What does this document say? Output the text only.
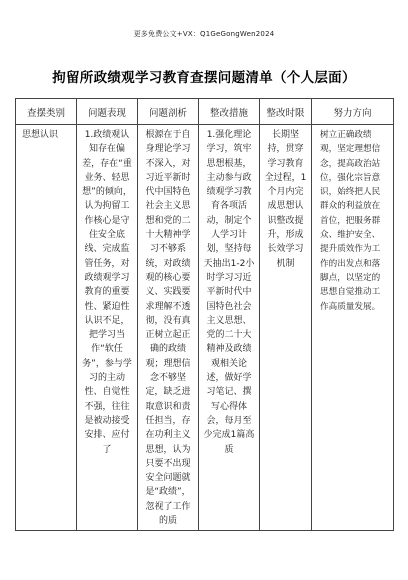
更多免费公文+VX：Q1GeGongWen2024
拘留所政绩观学习教育查摆问题清单（个人层面）
查摆类别	问题表现	问题剖析	整改措施	整改时限	努力方向

思想认识	1.政绩观认知存在偏差，存在“重业务、轻思想”的倾向，认为拘留工作核心是守住安全底线、完成监管任务，对政绩观学习教育的重要性、紧迫性认识不足，把学习当作“软任务”，参与学习的主动性、自觉性不强，往往是被动接受安排、应付了	根源在于自身理论学习不深入，对习近平新时代中国特色社会主义思想和党的二十大精神学习不够系统，对政绩观的核心要义、实践要求理解不透彻，没有真正树立起正确的政绩观；理想信念不够坚定，缺乏进取意识和责任担当，存在功利主义思想，认为只要不出现安全问题就是“政绩”，忽视了工作的质	1.强化理论学习，筑牢思想根基，主动参与政绩观学习教育各项活动，制定个人学习计划，坚持每天抽出1-2小时学习习近平新时代中国特色社会主义思想、党的二十大精神及政绩观相关论述，做好学习笔记、撰写心得体会，每月至少完成1篇高质	长期坚持，贯穿学习教育全过程，1个月内完成思想认识整改提升，形成长效学习机制	树立正确政绩观，坚定理想信念，提高政治站位，强化宗旨意识，始终把人民群众的利益放在首位，把服务群众、维护安全、提升质效作为工作的出发点和落脚点，以坚定的思想自觉推动工作高质量发展。
